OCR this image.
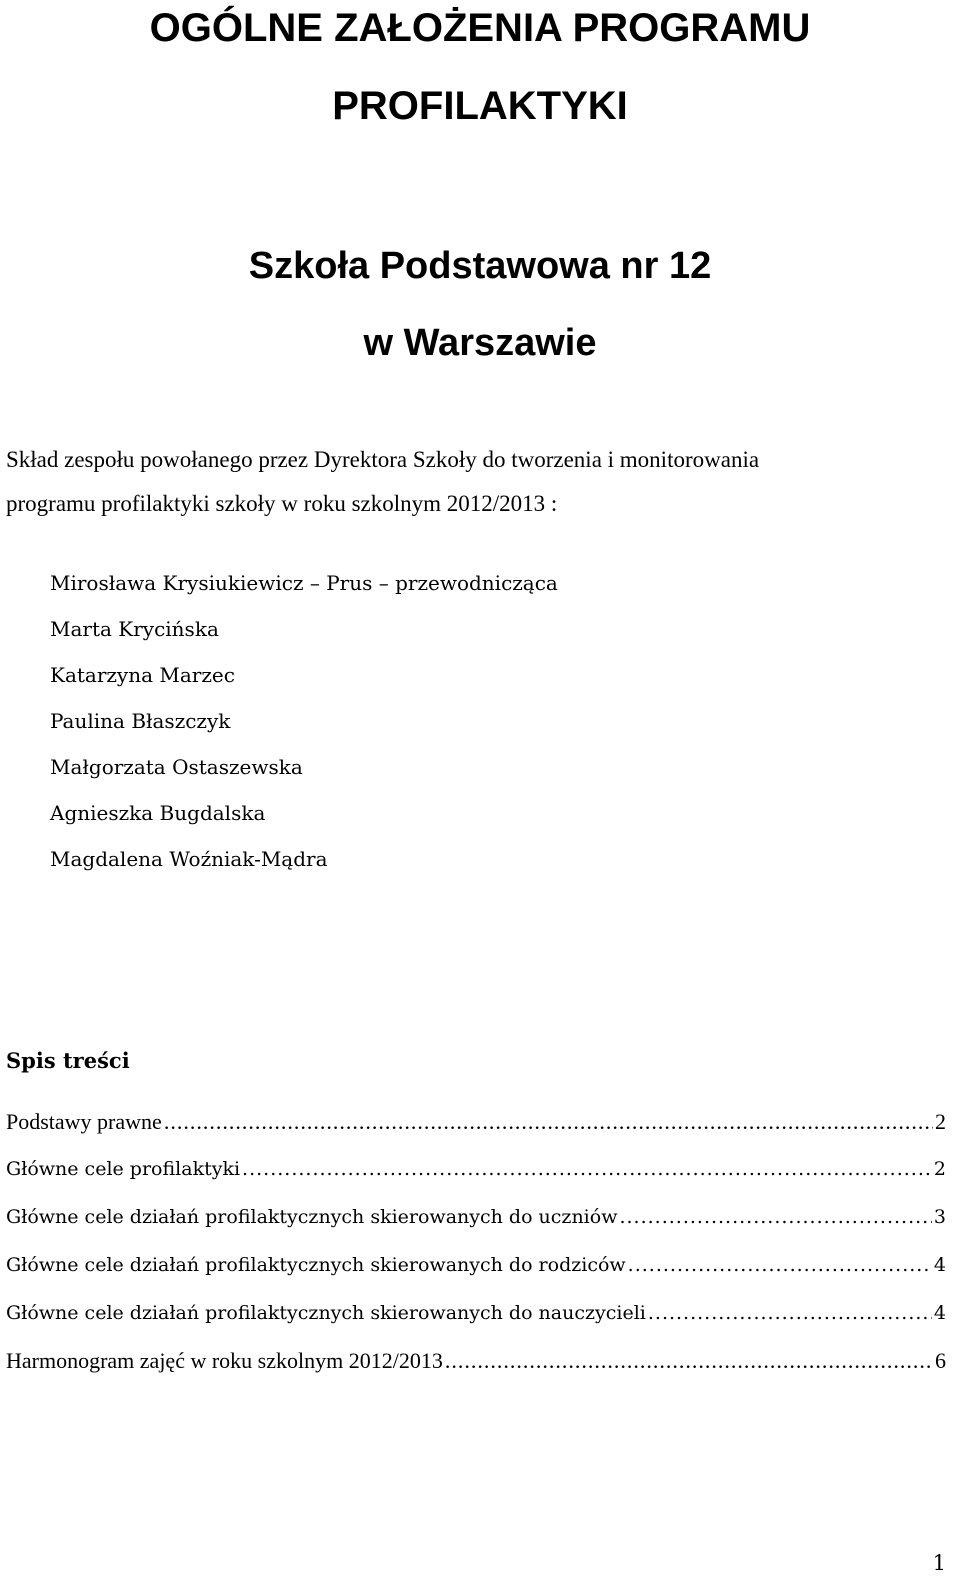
OGÓLNE ZAŁOŻENIA PROGRAMU
PROFILAKTYKI
Szkoła Podstawowa nr 12
w Warszawie
Skład zespołu powołanego przez Dyrektora Szkoły do tworzenia i monitorowania
programu profilaktyki szkoły w roku szkolnym 2012/2013 :
Mirosława Krysiukiewicz – Prus – przewodnicząca
Marta Krycińska
Katarzyna Marzec
Paulina Błaszczyk
Małgorzata Ostaszewska
Agnieszka Bugdalska
Magdalena Woźniak-Mądra
Spis treści
Podstawy prawne .....	2
Główne cele profilaktyki .....	2
Główne cele działań profilaktycznych skierowanych do uczniów .....	3
Główne cele działań profilaktycznych skierowanych do rodziców .....	4
Główne cele działań profilaktycznych skierowanych do nauczycieli .....	4
Harmonogram zajęć w roku szkolnym 2012/2013 .....	6
1
